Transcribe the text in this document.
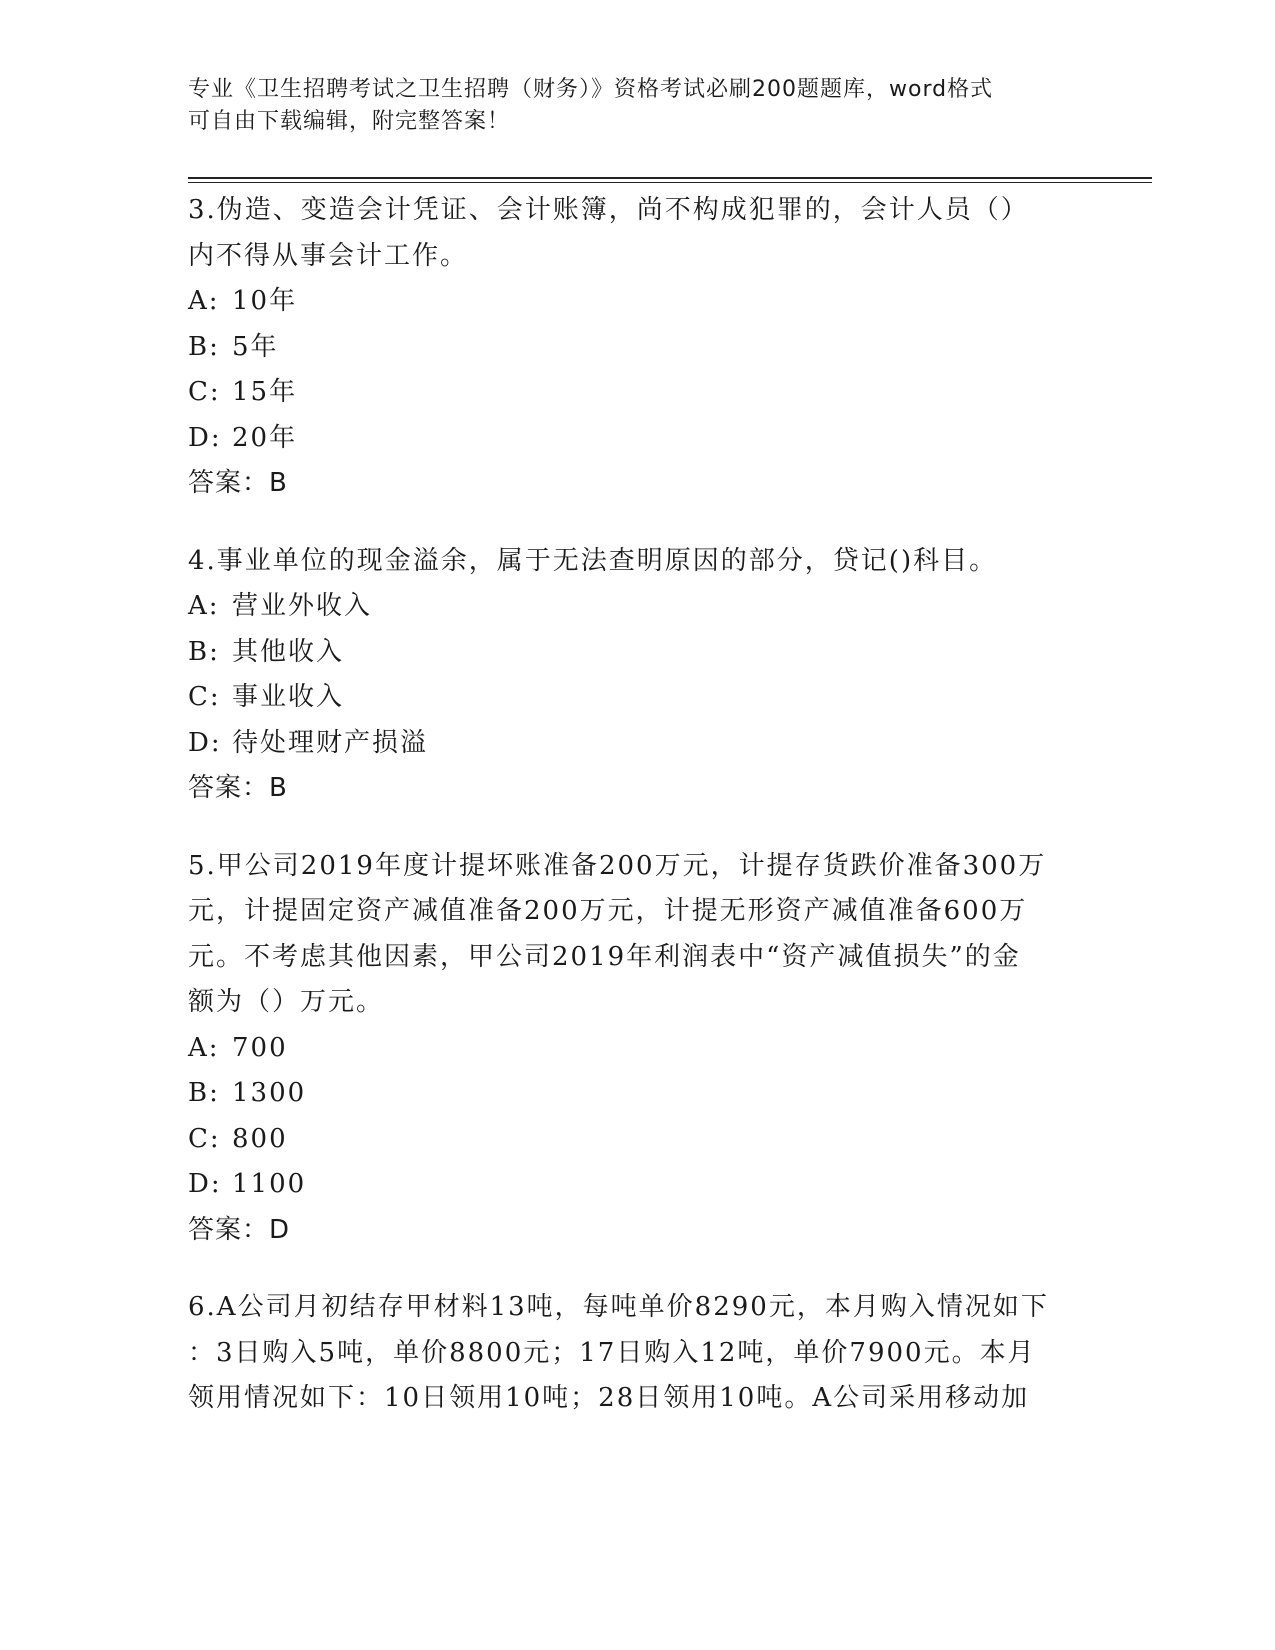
专业《卫生招聘考试之卫生招聘（财务）》资格考试必刷200题题库，word格式
可自由下载编辑，附完整答案！

3.伪造、变造会计凭证、会计账簿，尚不构成犯罪的，会计人员（）

内不得从事会计工作。

A: 10年

B: 5年

C: 15年

D: 20年

答案：B

4.事业单位的现金溢余，属于无法查明原因的部分，贷记()科目。

A: 营业外收入

B: 其他收入

C: 事业收入

D: 待处理财产损溢

答案：B

5.甲公司2019年度计提坏账准备200万元，计提存货跌价准备300万

元，计提固定资产减值准备200万元，计提无形资产减值准备600万

元。不考虑其他因素，甲公司2019年利润表中“资产减值损失”的金

额为（）万元。

A: 700

B: 1300

C: 800

D: 1100

答案：D

6.A公司月初结存甲材料13吨，每吨单价8290元，本月购入情况如下

：3日购入5吨，单价8800元；17日购入12吨，单价7900元。本月

领用情况如下：10日领用10吨；28日领用10吨。A公司采用移动加
